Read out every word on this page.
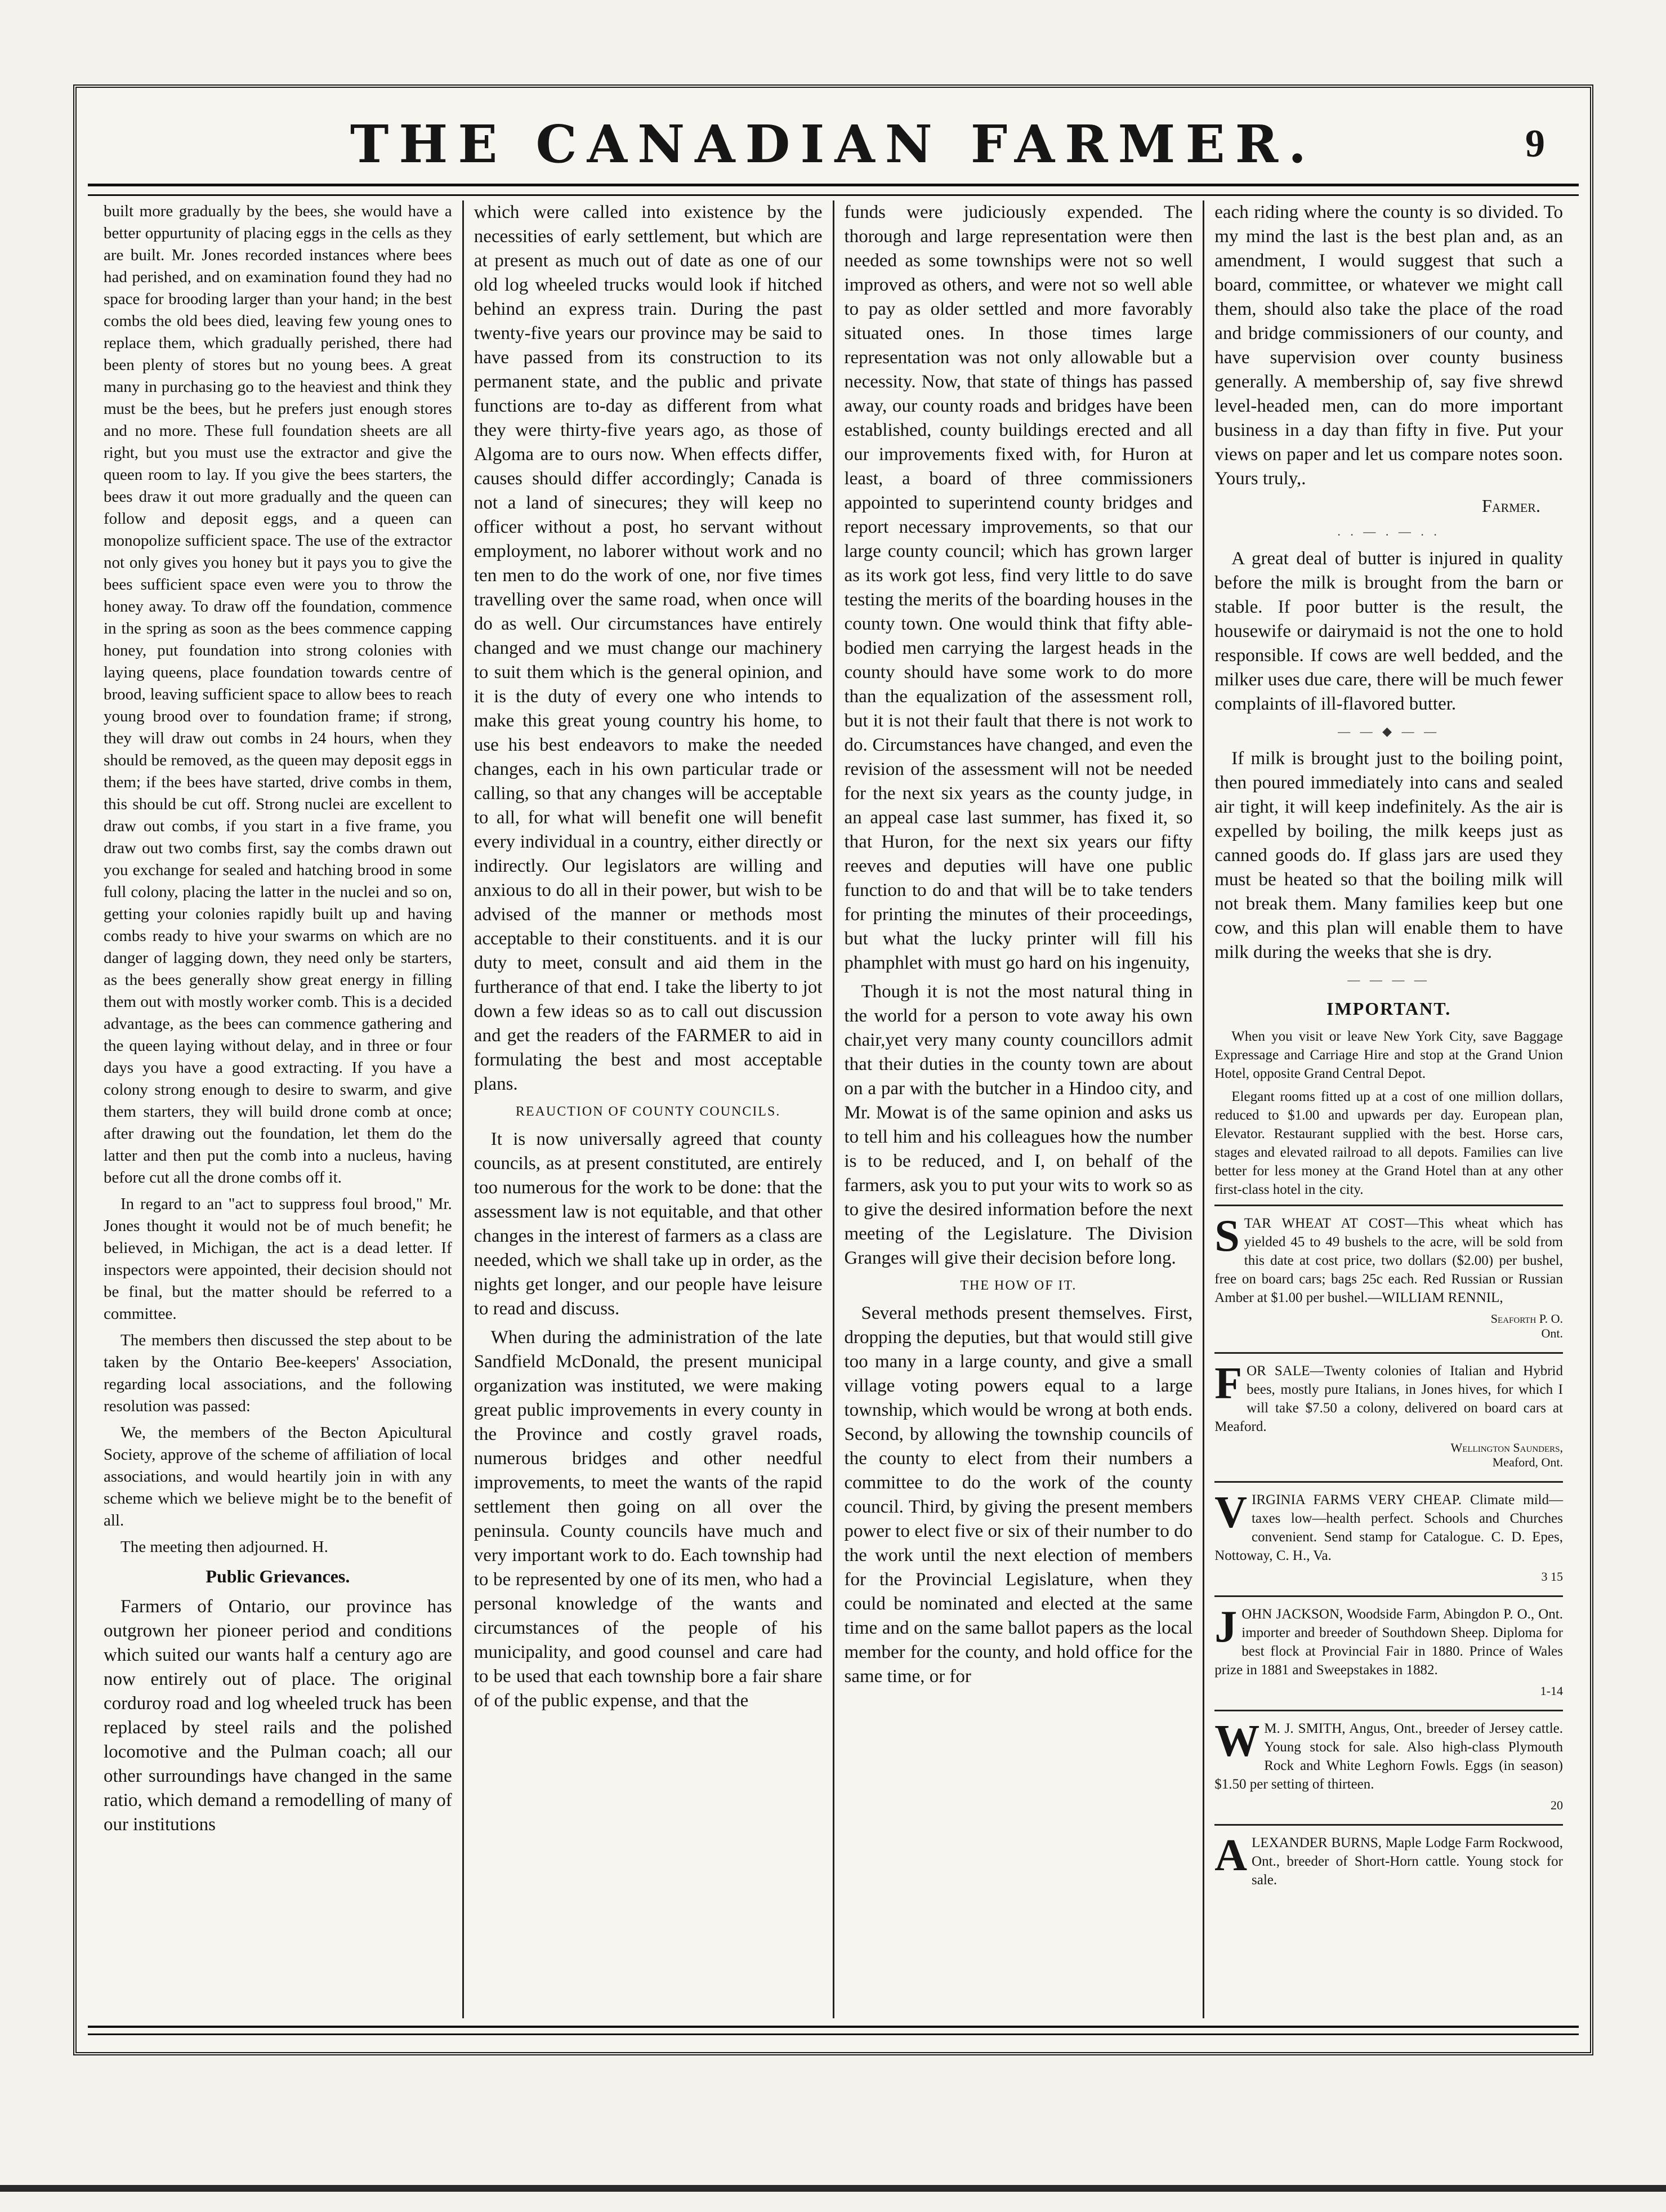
THE CANADIAN FARMER.	9

built more gradually by the bees, she would have a better oppurtunity of placing eggs in the cells as they are built. Mr. Jones recorded instances where bees had perished, and on examination found they had no space for brooding larger than your hand; in the best combs the old bees died, leaving few young ones to replace them, which gradually perished, there had been plenty of stores but no young bees. A great many in purchasing go to the heaviest and think they must be the bees, but he prefers just enough stores and no more. These full foundation sheets are all right, but you must use the extractor and give the queen room to lay. If you give the bees starters, the bees draw it out more gradually and the queen can follow and deposit eggs, and a queen can monopolize sufficient space. The use of the extractor not only gives you honey but it pays you to give the bees sufficient space even were you to throw the honey away. To draw off the foundation, commence in the spring as soon as the bees commence capping honey, put foundation into strong colonies with laying queens, place foundation towards centre of brood, leaving sufficient space to allow bees to reach young brood over to foundation frame; if strong, they will draw out combs in 24 hours, when they should be removed, as the queen may deposit eggs in them; if the bees have started, drive combs in them, this should be cut off. Strong nuclei are excellent to draw out combs, if you start in a five frame, you draw out two combs first, say the combs drawn out you exchange for sealed and hatching brood in some full colony, placing the latter in the nuclei and so on, getting your colonies rapidly built up and having combs ready to hive your swarms on which are no danger of lagging down, they need only be starters, as the bees generally show great energy in filling them out with mostly worker comb. This is a decided advantage, as the bees can commence gathering and the queen laying without delay, and in three or four days you have a good extracting. If you have a colony strong enough to desire to swarm, and give them starters, they will build drone comb at once; after drawing out the foundation, let them do the latter and then put the comb into a nucleus, having before cut all the drone combs off it.

In regard to an "act to suppress foul brood," Mr. Jones thought it would not be of much benefit; he believed, in Michigan, the act is a dead letter. If inspectors were appointed, their decision should not be final, but the matter should be referred to a committee.

The members then discussed the step about to be taken by the Ontario Bee-keepers' Association, regarding local associations, and the following resolution was passed:

We, the members of the Becton Apicultural Society, approve of the scheme of affiliation of local associations, and would heartily join in with any scheme which we believe might be to the benefit of all.

The meeting then adjourned. H.

Public Grievances.

Farmers of Ontario, our province has outgrown her pioneer period and conditions which suited our wants half a century ago are now entirely out of place. The original corduroy road and log wheeled truck has been replaced by steel rails and the polished locomotive and the Pulman coach; all our other surroundings have changed in the same ratio, which demand a remodelling of many of our institutions

which were called into existence by the necessities of early settlement, but which are at present as much out of date as one of our old log wheeled trucks would look if hitched behind an express train. During the past twenty-five years our province may be said to have passed from its construction to its permanent state, and the public and private functions are to-day as different from what they were thirty-five years ago, as those of Algoma are to ours now. When effects differ, causes should differ accordingly; Canada is not a land of sinecures; they will keep no officer without a post, ho servant without employment, no laborer without work and no ten men to do the work of one, nor five times travelling over the same road, when once will do as well. Our circumstances have entirely changed and we must change our machinery to suit them which is the general opinion, and it is the duty of every one who intends to make this great young country his home, to use his best endeavors to make the needed changes, each in his own particular trade or calling, so that any changes will be acceptable to all, for what will benefit one will benefit every individual in a country, either directly or indirectly. Our legislators are willing and anxious to do all in their power, but wish to be advised of the manner or methods most acceptable to their constituents. and it is our duty to meet, consult and aid them in the furtherance of that end. I take the liberty to jot down a few ideas so as to call out discussion and get the readers of the FARMER to aid in formulating the best and most acceptable plans.

REAUCTION OF COUNTY COUNCILS.

It is now universally agreed that county councils, as at present constituted, are entirely too numerous for the work to be done: that the assessment law is not equitable, and that other changes in the interest of farmers as a class are needed, which we shall take up in order, as the nights get longer, and our people have leisure to read and discuss.

When during the administration of the late Sandfield McDonald, the present municipal organization was instituted, we were making great public improvements in every county in the Province and costly gravel roads, numerous bridges and other needful improvements, to meet the wants of the rapid settlement then going on all over the peninsula. County councils have much and very important work to do. Each township had to be represented by one of its men, who had a personal knowledge of the wants and circumstances of the people of his municipality, and good counsel and care had to be used that each township bore a fair share of of the public expense, and that the

funds were judiciously expended. The thorough and large representation were then needed as some townships were not so well improved as others, and were not so well able to pay as older settled and more favorably situated ones. In those times large representation was not only allowable but a necessity. Now, that state of things has passed away, our county roads and bridges have been established, county buildings erected and all our improvements fixed with, for Huron at least, a board of three commissioners appointed to superintend county bridges and report necessary improvements, so that our large county council; which has grown larger as its work got less, find very little to do save testing the merits of the boarding houses in the county town. One would think that fifty able-bodied men carrying the largest heads in the county should have some work to do more than the equalization of the assessment roll, but it is not their fault that there is not work to do. Circumstances have changed, and even the revision of the assessment will not be needed for the next six years as the county judge, in an appeal case last summer, has fixed it, so that Huron, for the next six years our fifty reeves and deputies will have one public function to do and that will be to take tenders for printing the minutes of their proceedings, but what the lucky printer will fill his phamphlet with must go hard on his ingenuity,

Though it is not the most natural thing in the world for a person to vote away his own chair,yet very many county councillors admit that their duties in the county town are about on a par with the butcher in a Hindoo city, and Mr. Mowat is of the same opinion and asks us to tell him and his colleagues how the number is to be reduced, and I, on behalf of the farmers, ask you to put your wits to work so as to give the desired information before the next meeting of the Legislature. The Division Granges will give their decision before long.

THE HOW OF IT.

Several methods present themselves. First, dropping the deputies, but that would still give too many in a large county, and give a small village voting powers equal to a large township, which would be wrong at both ends. Second, by allowing the township councils of the county to elect from their numbers a committee to do the work of the county council. Third, by giving the present members power to elect five or six of their number to do the work until the next election of members for the Provincial Legislature, when they could be nominated and elected at the same time and on the same ballot papers as the local member for the county, and hold office for the same time, or for

each riding where the county is so divided. To my mind the last is the best plan and, as an amendment, I would suggest that such a board, committee, or whatever we might call them, should also take the place of the road and bridge commissioners of our county, and have supervision over county business generally. A membership of, say five shrewd level-headed men, can do more important business in a day than fifty in five. Put your views on paper and let us compare notes soon. Yours truly,.

Farmer.
. . — . — . .

A great deal of butter is injured in quality before the milk is brought from the barn or stable. If poor butter is the result, the housewife or dairymaid is not the one to hold responsible. If cows are well bedded, and the milker uses due care, there will be much fewer complaints of ill-flavored butter.

— — ◆ — —

If milk is brought just to the boiling point, then poured immediately into cans and sealed air tight, it will keep indefinitely. As the air is expelled by boiling, the milk keeps just as canned goods do. If glass jars are used they must be heated so that the boiling milk will not break them. Many families keep but one cow, and this plan will enable them to have milk during the weeks that she is dry.

— — — —
IMPORTANT.

When you visit or leave New York City, save Baggage Expressage and Carriage Hire and stop at the Grand Union Hotel, opposite Grand Central Depot.

Elegant rooms fitted up at a cost of one million dollars, reduced to $1.00 and upwards per day. European plan, Elevator. Restaurant supplied with the best. Horse cars, stages and elevated railroad to all depots. Families can live better for less money at the Grand Hotel than at any other first-class hotel in the city.

S TAR WHEAT AT COST—This wheat which has yielded 45 to 49 bushels to the acre, will be sold from this date at cost price, two dollars ($2.00) per bushel, free on board cars; bags 25c each. Red Russian or Russian Amber at $1.00 per bushel.—WILLIAM RENNIL,

Seaforth P. O.
Ont.
F OR SALE—Twenty colonies of Italian and Hybrid bees, mostly pure Italians, in Jones hives, for which I will take $7.50 a colony, delivered on board cars at Meaford.

Wellington Saunders,
Meaford, Ont.
V IRGINIA FARMS VERY CHEAP. Climate mild—taxes low—health perfect. Schools and Churches convenient. Send stamp for Catalogue. C. D. Epes, Nottoway, C. H., Va.

3 15
J OHN JACKSON, Woodside Farm, Abingdon P. O., Ont. importer and breeder of Southdown Sheep. Diploma for best flock at Provincial Fair in 1880. Prince of Wales prize in 1881 and Sweepstakes in 1882.

1-14
W M. J. SMITH, Angus, Ont., breeder of Jersey cattle. Young stock for sale. Also high-class Plymouth Rock and White Leghorn Fowls. Eggs (in season) $1.50 per setting of thirteen.

20
A LEXANDER BURNS, Maple Lodge Farm Rockwood, Ont., breeder of Short-Horn cattle. Young stock for sale.
